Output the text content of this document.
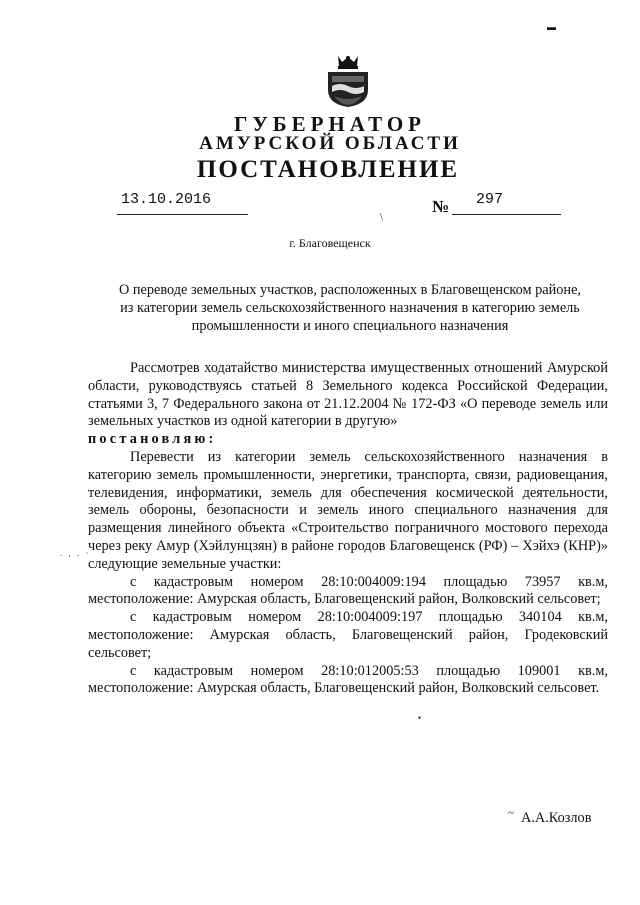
ГУБЕРНАТОР
АМУРСКОЙ ОБЛАСТИ
ПОСТАНОВЛЕНИЕ
13.10.2016	№ 297
\
▬
г. Благовещенск
О переводе земельных участков, расположенных в Благовещенском районе,
из категории земель сельскохозяйственного назначения в категорию земель
промышленности и иного специального назначения

Рассмотрев ходатайство министерства имущественных отношений Амурской области, руководствуясь статьей 8 Земельного кодекса Российской Федерации, статьями 3, 7 Федерального закона от 21.12.2004 № 172-ФЗ «О переводе земель или земельных участков из одной категории в другую»

постановляю:

Перевести из категории земель сельскохозяйственного назначения в категорию земель промышленности, энергетики, транспорта, связи, радиовещания, телевидения, информатики, земель для обеспечения космической деятельности, земель обороны, безопасности и земель иного специального назначения для размещения линейного объекта «Строительство пограничного мостового перехода через реку Амур (Хэйлунцзян) в районе городов Благовещенск (РФ) – Хэйхэ (КНР)» следующие земельные участки:

с кадастровым номером 28:10:004009:194 площадью 73957 кв.м, местоположение: Амурская область, Благовещенский район, Волковский сельсовет;

с кадастровым номером 28:10:004009:197 площадью 340104 кв.м, местоположение: Амурская область, Благовещенский район, Гродековский сельсовет;

с кадастровым номером 28:10:012005:53 площадью 109001 кв.м, местоположение: Амурская область, Благовещенский район, Волковский сельсовет.

. , . ·
•
~ А.А.Козлов
